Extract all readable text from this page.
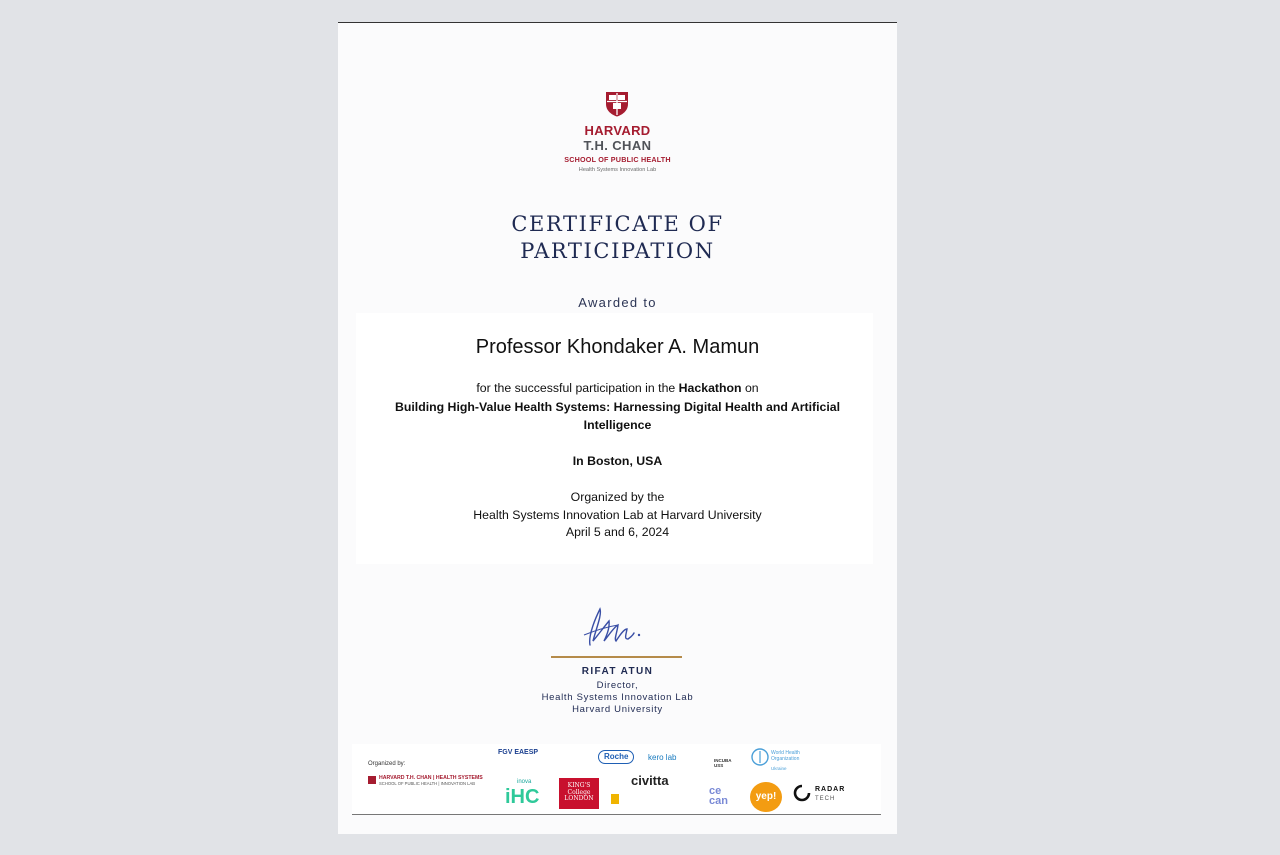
HARVARD
T.H. CHAN
SCHOOL OF PUBLIC HEALTH
Health Systems Innovation Lab
CERTIFICATE OF
PARTICIPATION
Awarded to
Professor Khondaker A. Mamun
for the successful participation in the Hackathon on
Building High-Value Health Systems: Harnessing Digital Health and Artificial
Intelligence
In Boston, USA
Organized by the
Health Systems Innovation Lab at Harvard University
April 5 and 6, 2024
RIFAT ATUN
Director,
Health Systems Innovation Lab
Harvard University
Organized by:
HARVARD T.H. CHAN | HEALTH SYSTEMS
SCHOOL OF PUBLIC HEALTH | INNOVATION LAB
FGV EAESP	Roche	kero lab	INCUBA USS
World Health Organization
Ukraine
inova
iHC
KING'S College LONDON
civitta
ce can	yep!
RADAR
TECH
